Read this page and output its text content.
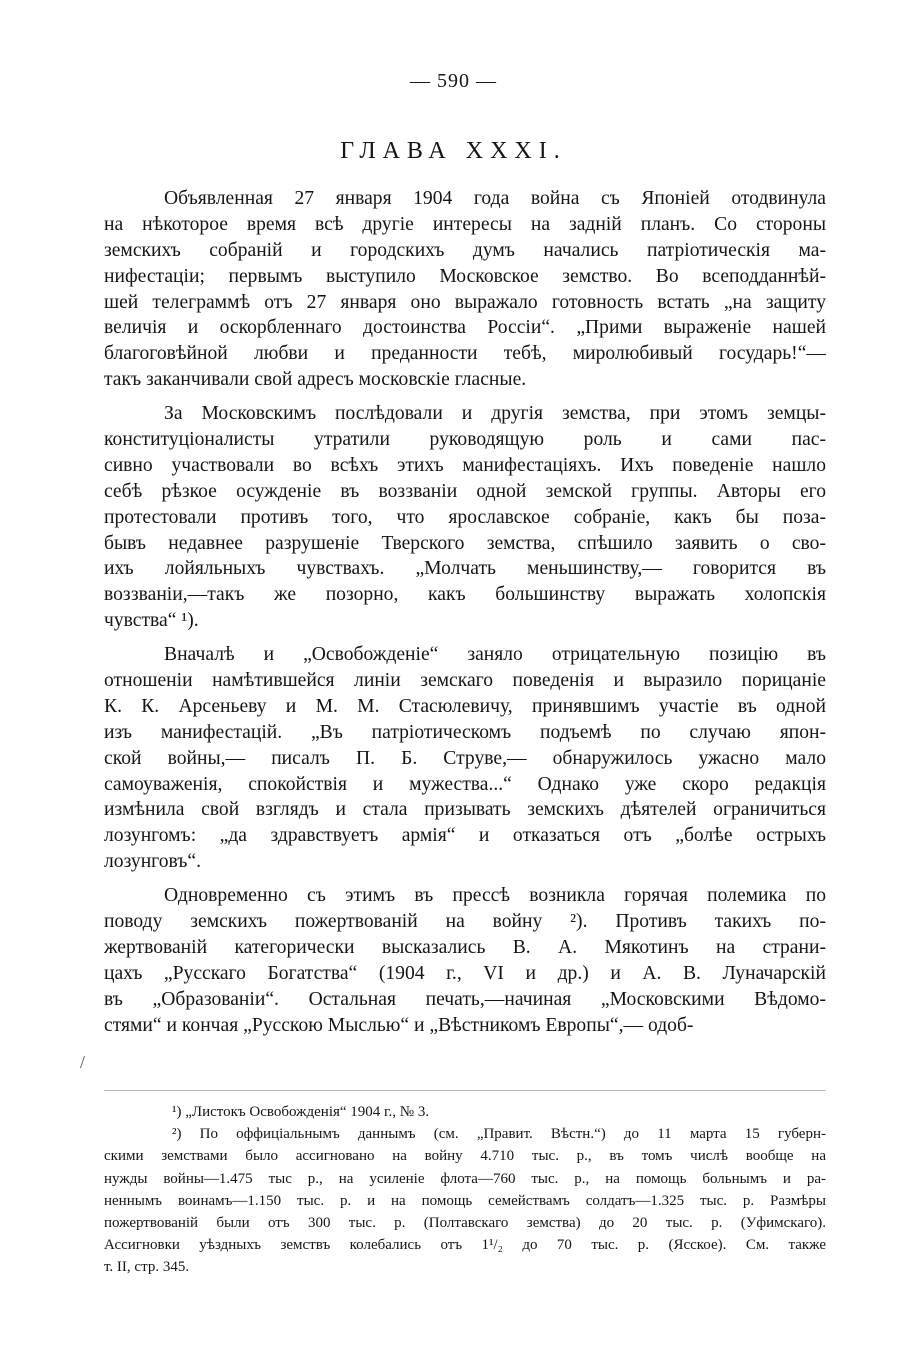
— 590 —
ГЛАВА XXXI.
Объявленная 27 января 1904 года война съ Японіей отодвинула
на нѣкоторое время всѣ другіе интересы на задній планъ. Со стороны
земскихъ собраній и городскихъ думъ начались патріотическія ма-
нифестаціи; первымъ выступило Московское земство. Во всеподданнѣй-
шей телеграммѣ отъ 27 января оно выражало готовность встать „на защиту
величія и оскорбленнаго достоинства Россіи“. „Прими выраженіе нашей
благоговѣйной любви и преданности тебѣ, миролюбивый государь!“—
такъ заканчивали свой адресъ московскіе гласные.
За Московскимъ послѣдовали и другія земства, при этомъ земцы-
конституціоналисты утратили руководящую роль и сами пас-
сивно участвовали во всѣхъ этихъ манифестаціяхъ. Ихъ поведеніе нашло
себѣ рѣзкое осужденіе въ воззваніи одной земской группы. Авторы его
протестовали противъ того, что ярославское собраніе, какъ бы поза-
бывъ недавнее разрушеніе Тверского земства, спѣшило заявить о сво-
ихъ лойяльныхъ чувствахъ. „Молчать меньшинству,— говорится въ
воззваніи,—такъ же позорно, какъ большинству выражать холопскія
чувства“ ¹).
Вначалѣ и „Освобожденіе“ заняло отрицательную позицію въ
отношеніи намѣтившейся линіи земскаго поведенія и выразило порицаніе
К. К. Арсеньеву и М. М. Стасюлевичу, принявшимъ участіе въ одной
изъ манифестацій. „Въ патріотическомъ подъемѣ по случаю япон-
ской войны,— писалъ П. Б. Струве,— обнаружилось ужасно мало
самоуваженія, спокойствія и мужества...“ Однако уже скоро редакція
измѣнила свой взглядъ и стала призывать земскихъ дѣятелей ограничиться
лозунгомъ: „да здравствуетъ армія“ и отказаться отъ „болѣе острыхъ
лозунговъ“.
Одновременно съ этимъ въ прессѣ возникла горячая полемика по
поводу земскихъ пожертвованій на войну ²). Противъ такихъ по-
жертвованій категорически высказались В. А. Мякотинъ на страни-
цахъ „Русскаго Богатства“ (1904 г., VI и др.) и А. В. Луначарскій
въ „Образованіи“. Остальная печать,—начиная „Московскими Вѣдомо-
стями“ и кончая „Русскою Мыслью“ и „Вѣстникомъ Европы“,— одоб-
/
¹) „Листокъ Освобожденія“ 1904 г., № 3.
²) По оффиціальнымъ даннымъ (см. „Правит. Вѣстн.“) до 11 марта 15 губерн-
скими земствами было ассигновано на войну 4.710 тыс. р., въ томъ числѣ вообще на
нужды войны—1.475 тыс р., на усиленіе флота—760 тыс. р., на помощь больнымъ и ра-
неннымъ воинамъ—1.150 тыс. р. и на помощь семействамъ солдатъ—1.325 тыс. р. Размѣры
пожертвованій были отъ 300 тыс. р. (Полтавскаго земства) до 20 тыс. р. (Уфимскаго).
Ассигновки уѣздныхъ земствъ колебались отъ 1¹/₂ до 70 тыс. р. (Ясское). См. также
т. II, стр. 345.
